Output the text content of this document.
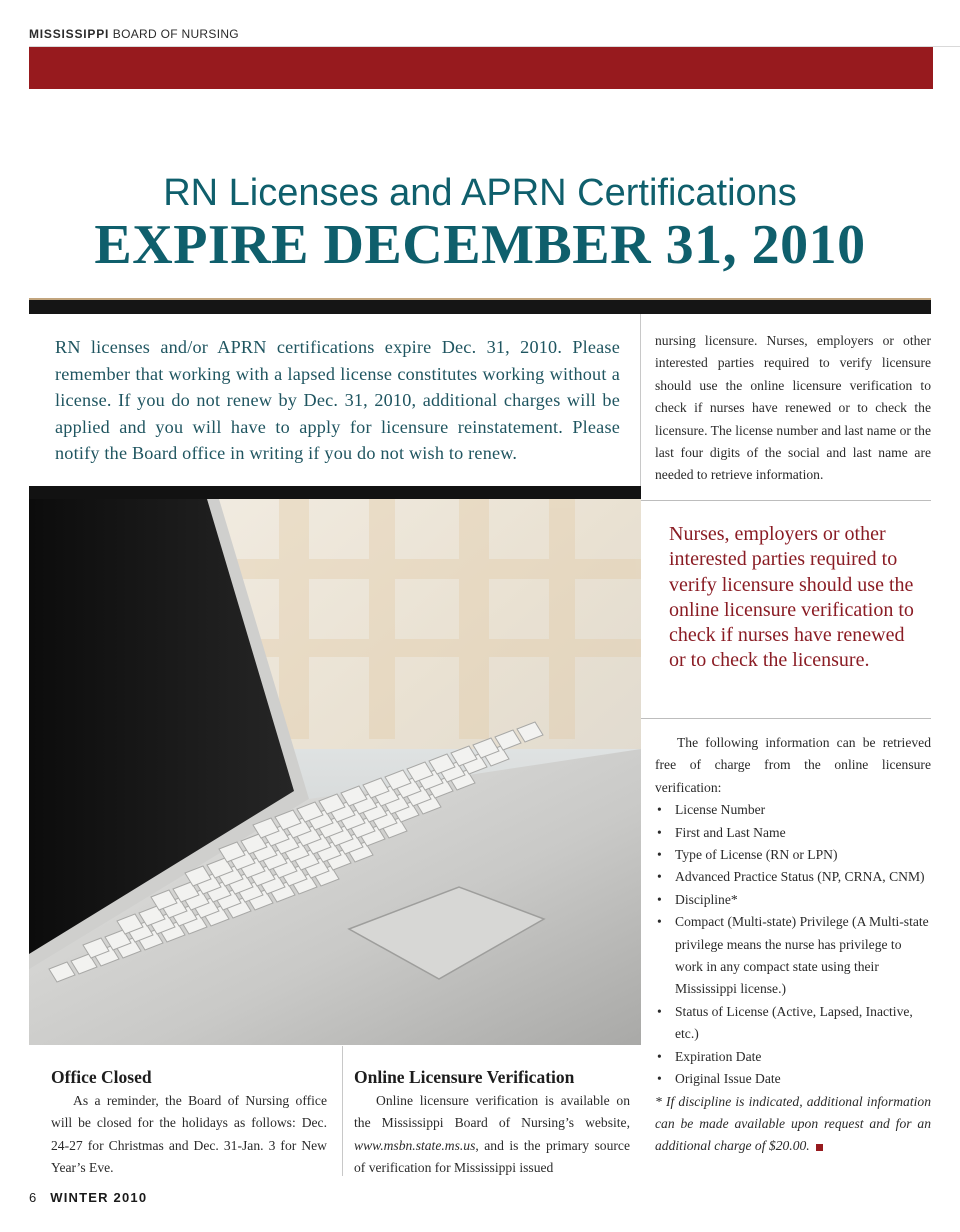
MISSISSIPPI BOARD OF NURSING
RN Licenses and APRN Certifications
EXPIRE DECEMBER 31, 2010
RN licenses and/or APRN certifications expire Dec. 31, 2010. Please remember that working with a lapsed license constitutes working without a license. If you do not renew by Dec. 31, 2010, additional charges will be applied and you will have to apply for licensure reinstatement. Please notify the Board office in writing if you do not wish to renew.
nursing licensure. Nurses, employers or other interested parties required to verify licensure should use the online licensure verification to check if nurses have renewed or to check the licensure. The license number and last name or the last four digits of the social and last name are needed to retrieve information.
Nurses, employers or other interested parties required to verify licensure should use the online licensure verification to check if nurses have renewed or to check the licensure.
The following information can be retrieved free of charge from the online licensure verification:
• License Number
• First and Last Name
• Type of License (RN or LPN)
• Advanced Practice Status (NP, CRNA, CNM)
• Discipline*
• Compact (Multi-state) Privilege (A Multi-state privilege means the nurse has privilege to work in any compact state using their Mississippi license.)
• Status of License (Active, Lapsed, Inactive, etc.)
• Expiration Date
• Original Issue Date
* If discipline is indicated, additional information can be made available upon request and for an additional charge of $20.00.
Office Closed
As a reminder, the Board of Nursing office will be closed for the holidays as follows: Dec. 24-27 for Christmas and Dec. 31-Jan. 3 for New Year’s Eve.
Online Licensure Verification
Online licensure verification is available on the Mississippi Board of Nursing’s website, www.msbn.state.ms.us, and is the primary source of verification for Mississippi issued
6 WINTER 2010
